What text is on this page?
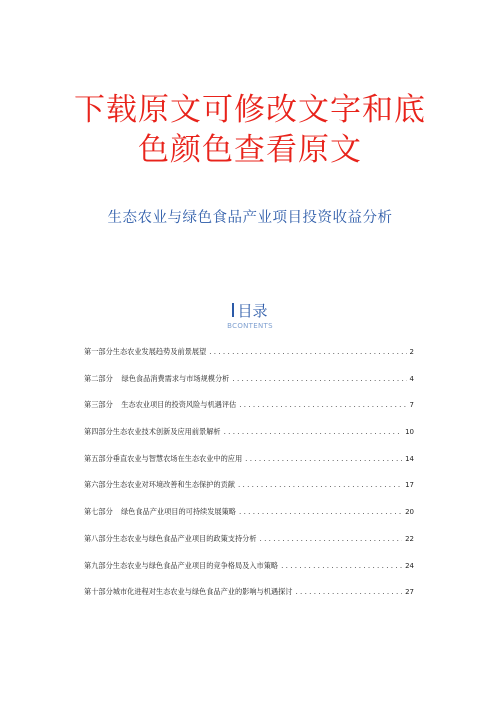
下载原文可修改文字和底
色颜色查看原文
生态农业与绿色食品产业项目投资收益分析
目录
BCONTENTS
第一部分 生态农业发展趋势及前景展望 . . .	2
第二部分 绿色食品消费需求与市场规模分析 . . .	4
第三部分 生态农业项目的投资风险与机遇评估 . . .	7
第四部分 生态农业技术创新及应用前景解析 . . .	10
第五部分 垂直农业与智慧农场在生态农业中的应用 . . .	14
第六部分 生态农业对环境改善和生态保护的贡献 . . .	17
第七部分 绿色食品产业项目的可持续发展策略 . . .	20
第八部分 生态农业与绿色食品产业项目的政策支持分析 . . .	22
第九部分 生态农业与绿色食品产业项目的竞争格局及入市策略 . . .	24
第十部分 城市化进程对生态农业与绿色食品产业的影响与机遇探讨 . . .	27
